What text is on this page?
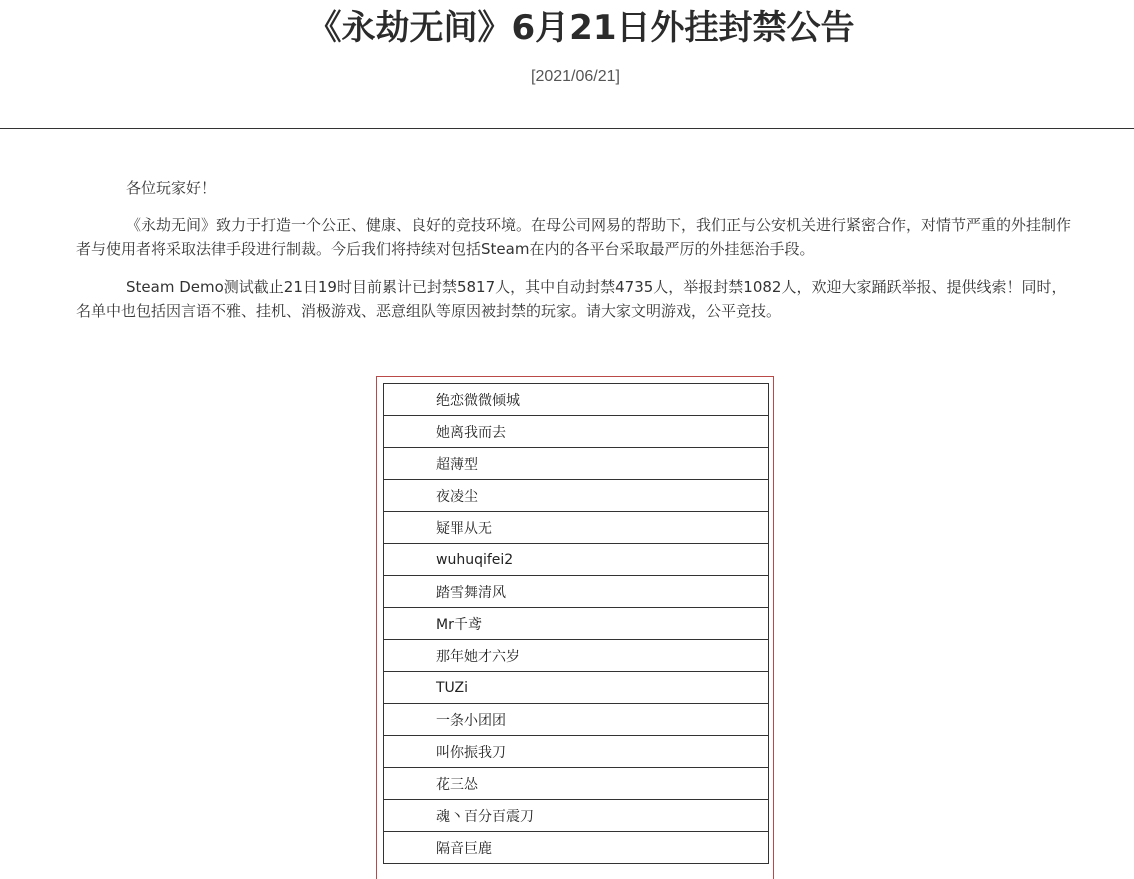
《永劫无间》6月21日外挂封禁公告
[2021/06/21]

各位玩家好！

《永劫无间》致力于打造一个公正、健康、良好的竞技环境。在母公司网易的帮助下，我们正与公安机关进行紧密合作，对情节严重的外挂制作者与使用者将采取法律手段进行制裁。今后我们将持续对包括Steam在内的各平台采取最严厉的外挂惩治手段。

Steam Demo测试截止21日19时目前累计已封禁5817人，其中自动封禁4735人，举报封禁1082人，欢迎大家踊跃举报、提供线索！同时，名单中也包括因言语不雅、挂机、消极游戏、恶意组队等原因被封禁的玩家。请大家文明游戏，公平竞技。

绝恋微微倾城
她离我而去
超薄型
夜凌尘
疑罪从无
wuhuqifei2
踏雪舞清风
Mr千鸢
那年她才六岁
TUZi
一条小团团
叫你振我刀
花三怂
魂丶百分百震刀
隔音巨鹿
